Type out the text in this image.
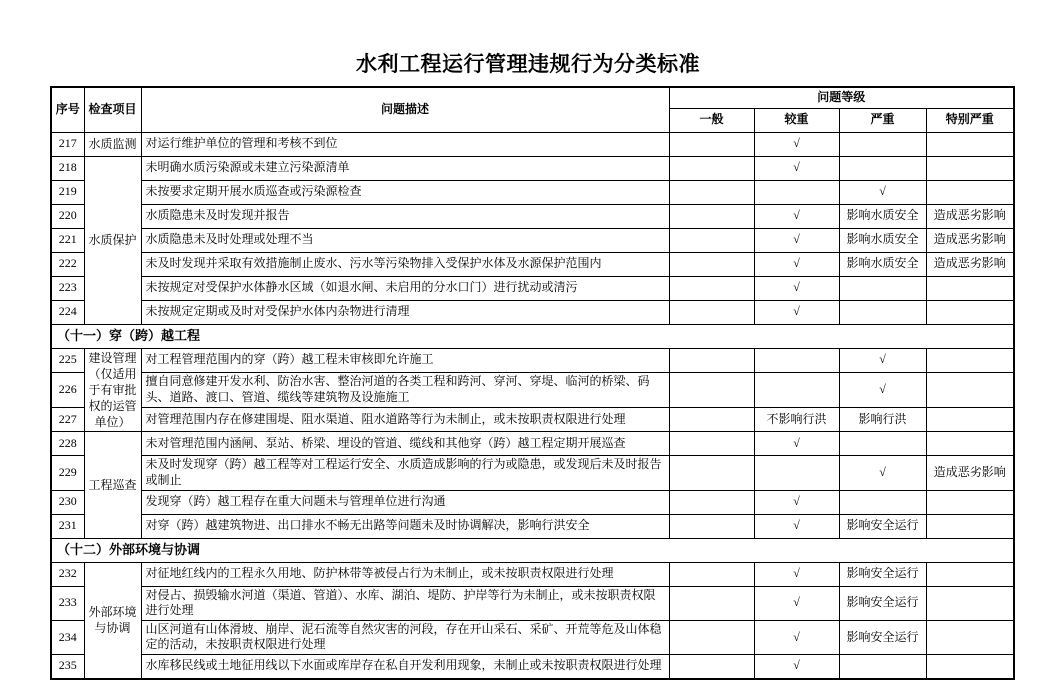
水利工程运行管理违规行为分类标准
序号	检查项目	问题描述	问题等级			
			一般	较重	严重	特别严重
217	水质监测	对运行维护单位的管理和考核不到位		√		
218	水质保护	未明确水质污染源或未建立污染源清单		√		
219		未按要求定期开展水质巡查或污染源检查			√	
220		水质隐患未及时发现并报告		√	影响水质安全	造成恶劣影响
221		水质隐患未及时处理或处理不当		√	影响水质安全	造成恶劣影响
222		未及时发现并采取有效措施制止废水、污水等污染物排入受保护水体及水源保护范围内		√	影响水质安全	造成恶劣影响
223		未按规定对受保护水体静水区域（如退水闸、未启用的分水口门）进行扰动或清污		√		
224		未按规定定期或及时对受保护水体内杂物进行清理		√		
（十一）穿（跨）越工程						
225	建设管理（仅适用于有审批权的运管单位）	对工程管理范围内的穿（跨）越工程未审核即允许施工			√	
226		擅自同意修建开发水利、防治水害、整治河道的各类工程和跨河、穿河、穿堤、临河的桥梁、码头、道路、渡口、管道、缆线等建筑物及设施施工			√	
227		对管理范围内存在修建围堤、阻水渠道、阻水道路等行为未制止，或未按职责权限进行处理		不影响行洪	影响行洪	
228	工程巡查	未对管理范围内涵闸、泵站、桥梁、埋设的管道、缆线和其他穿（跨）越工程定期开展巡查		√		
229		未及时发现穿（跨）越工程等对工程运行安全、水质造成影响的行为或隐患，或发现后未及时报告或制止			√	造成恶劣影响
230		发现穿（跨）越工程存在重大问题未与管理单位进行沟通		√		
231		对穿（跨）越建筑物进、出口排水不畅无出路等问题未及时协调解决，影响行洪安全		√	影响安全运行	
（十二）外部环境与协调						
232	外部环境与协调	对征地红线内的工程永久用地、防护林带等被侵占行为未制止，或未按职责权限进行处理		√	影响安全运行	
233		对侵占、损毁输水河道（渠道、管道）、水库、湖泊、堤防、护岸等行为未制止，或未按职责权限进行处理		√	影响安全运行	
234		山区河道有山体滑坡、崩岸、泥石流等自然灾害的河段，存在开山采石、采矿、开荒等危及山体稳定的活动，未按职责权限进行处理		√	影响安全运行	
235		水库移民线或土地征用线以下水面或库岸存在私自开发利用现象，未制止或未按职责权限进行处理		√		
